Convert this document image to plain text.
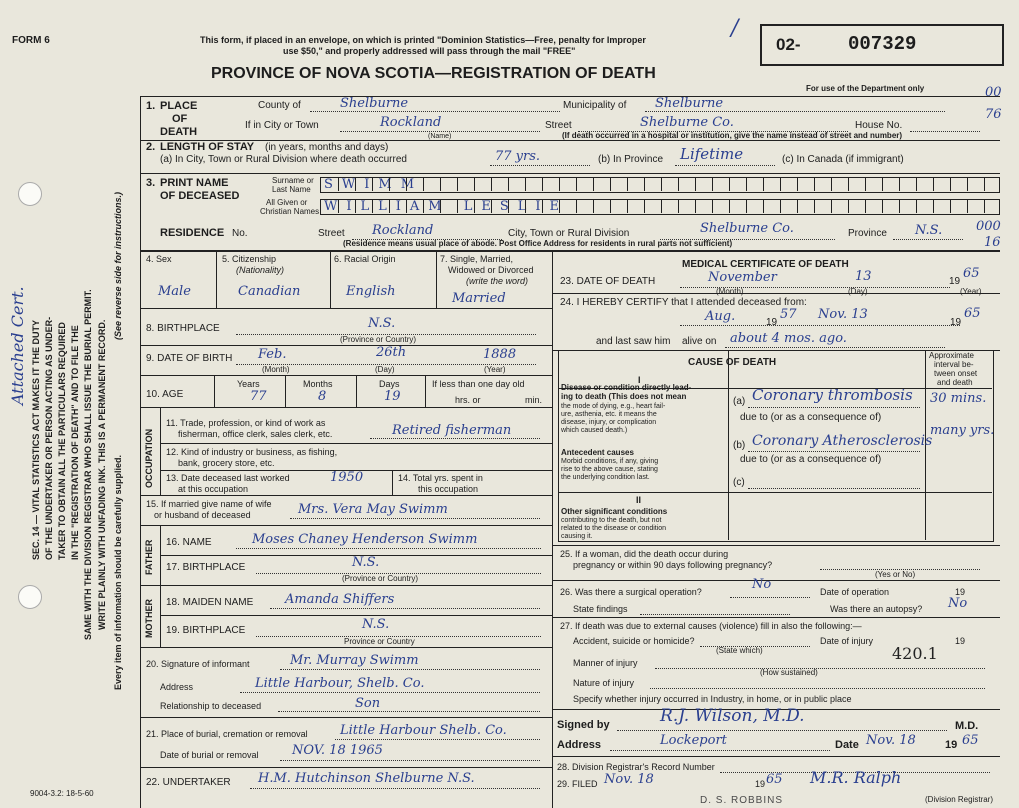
FORM 6	This form, if placed in an envelope, on which is printed "Dominion Statistics—Free, penalty for Improper
use $50," and properly addressed will pass through the mail "FREE"
PROVINCE OF NOVA SCOTIA—REGISTRATION OF DEATH
/
02- 007329
For use of the Department only	00
76
000
16
SEC. 14 — VITAL STATISTICS ACT MAKES IT THE DUTY OF THE UNDERTAKER OR PERSON ACTING AS UNDER- TAKER TO OBTAIN ALL THE PARTICULARS REQUIRED IN THE "REGISTRATION OF DEATH" AND TO FILE THE SAME WITH THE DIVISION REGISTRAR WHO SHALL ISSUE THE BURIAL PERMIT. WRITE PLAINLY WITH UNFADING INK. THIS IS A PERMANENT RECORD. Every item of information should be carefully supplied.
(See reverse side for instructions.)
Attached Cert.
1. PLACE
OF
DEATH
County of	Shelburne	Municipality of Shelburne
If in City or Town	Rockland
(Name)
Street	Shelburne Co.	House No.
(If death occurred in a hospital or institution, give the name instead of street and number)
2. LENGTH OF STAY (in years, months and days)
(a) In City, Town or Rural Division where death occurred	77 yrs.	(b) In Province Lifetime	(c) In Canada (if immigrant)
3. PRINT NAME
OF DECEASED
Surname or
Last Name
All Given or
Christian Names
SWIMM
WILLIAM LESLIE
RESIDENCE No.	Street Rockland	City, Town or Rural Division	Shelburne Co.	Province N.S.
(Residence means usual place of abode. Post Office Address for residents in rural parts not sufficient)
4. Sex
Male
5. Citizenship
(Nationality)
Canadian
6. Racial Origin
English
7. Single, Married,
Widowed or Divorced
(write the word)
Married
8. BIRTHPLACE	N.S.
(Province or Country)
9. DATE OF BIRTH Feb.	26th	1888
(Month)	(Day)	(Year)
10. AGE
Years
77
Months
8
Days
19
If less than one day old
hrs. or	min.
OCCUPATION
11. Trade, profession, or kind of work as
fisherman, office clerk, sales clerk, etc.	Retired fisherman
12. Kind of industry or business, as fishing,
bank, grocery store, etc.
13. Date deceased last worked
at this occupation
1950	14. Total yrs. spent in
this occupation
15. If married give name of wife
or husband of deceased	Mrs. Vera May Swimm
FATHER 16. NAME	Moses Chaney Henderson Swimm
17. BIRTHPLACE	N.S.
(Province or Country)
MOTHER 18. MAIDEN NAME Amanda Shiffers
19. BIRTHPLACE	N.S.
Province or Country
20. Signature of informant	Mr. Murray Swimm
Address	Little Harbour, Shelb. Co.
Relationship to deceased	Son
21. Place of burial, cremation or removal Little Harbour Shelb. Co.
Date of burial or removal	NOV. 18 1965
22. UNDERTAKER H.M. Hutchinson Shelburne N.S.
MEDICAL CERTIFICATE OF DEATH
23. DATE OF DEATH	November	13	19
65
(Month)	(Day)	(Year)
24. I HEREBY CERTIFY that I attended deceased from:
Aug.	19
57 Nov. 13
19
65
and last saw him alive on about 4 mos. ago.
CAUSE OF DEATH
Approximate
interval be-
tween onset
and death
I
Disease or condition directly lead-
ing to death (This does not mean
the mode of dying, e.g., heart fail-
ure, asthenia, etc. it means the
disease, injury, or complication
which caused death.)
(a) Coronary thrombosis 30 mins.
due to (or as a consequence of)
(b) Coronary Atherosclerosis
many yrs.
Antecedent causes
Morbid conditions, if any, giving
rise to the above cause, stating
the underlying condition last.
due to (or as a consequence of)
(c)
II
Other significant conditions
contributing to the death, but not
related to the disease or condition
causing it.
25. If a woman, did the death occur during
pregnancy or within 90 days following pregnancy?
(Yes or No)
26. Was there a surgical operation?	No	Date of operation	19
State findings	Was there an autopsy? No
27. If death was due to external causes (violence) fill in also the following:—
Accident, suicide or homicide?
(State which)
Date of injury	19
420.1
Manner of injury
(How sustained)
Nature of injury
Specify whether injury occurred in Industry, in home, or in public place
Signed by	R.J. Wilson, M.D.	M.D.
Address	Lockeport	Date Nov. 18	19 65
28. Division Registrar's Record Number
29. FILED Nov. 18	19 65 M.R. Ralph
(Division Registrar)
D. S. ROBBINS
9004-3.2: 18-5-60
